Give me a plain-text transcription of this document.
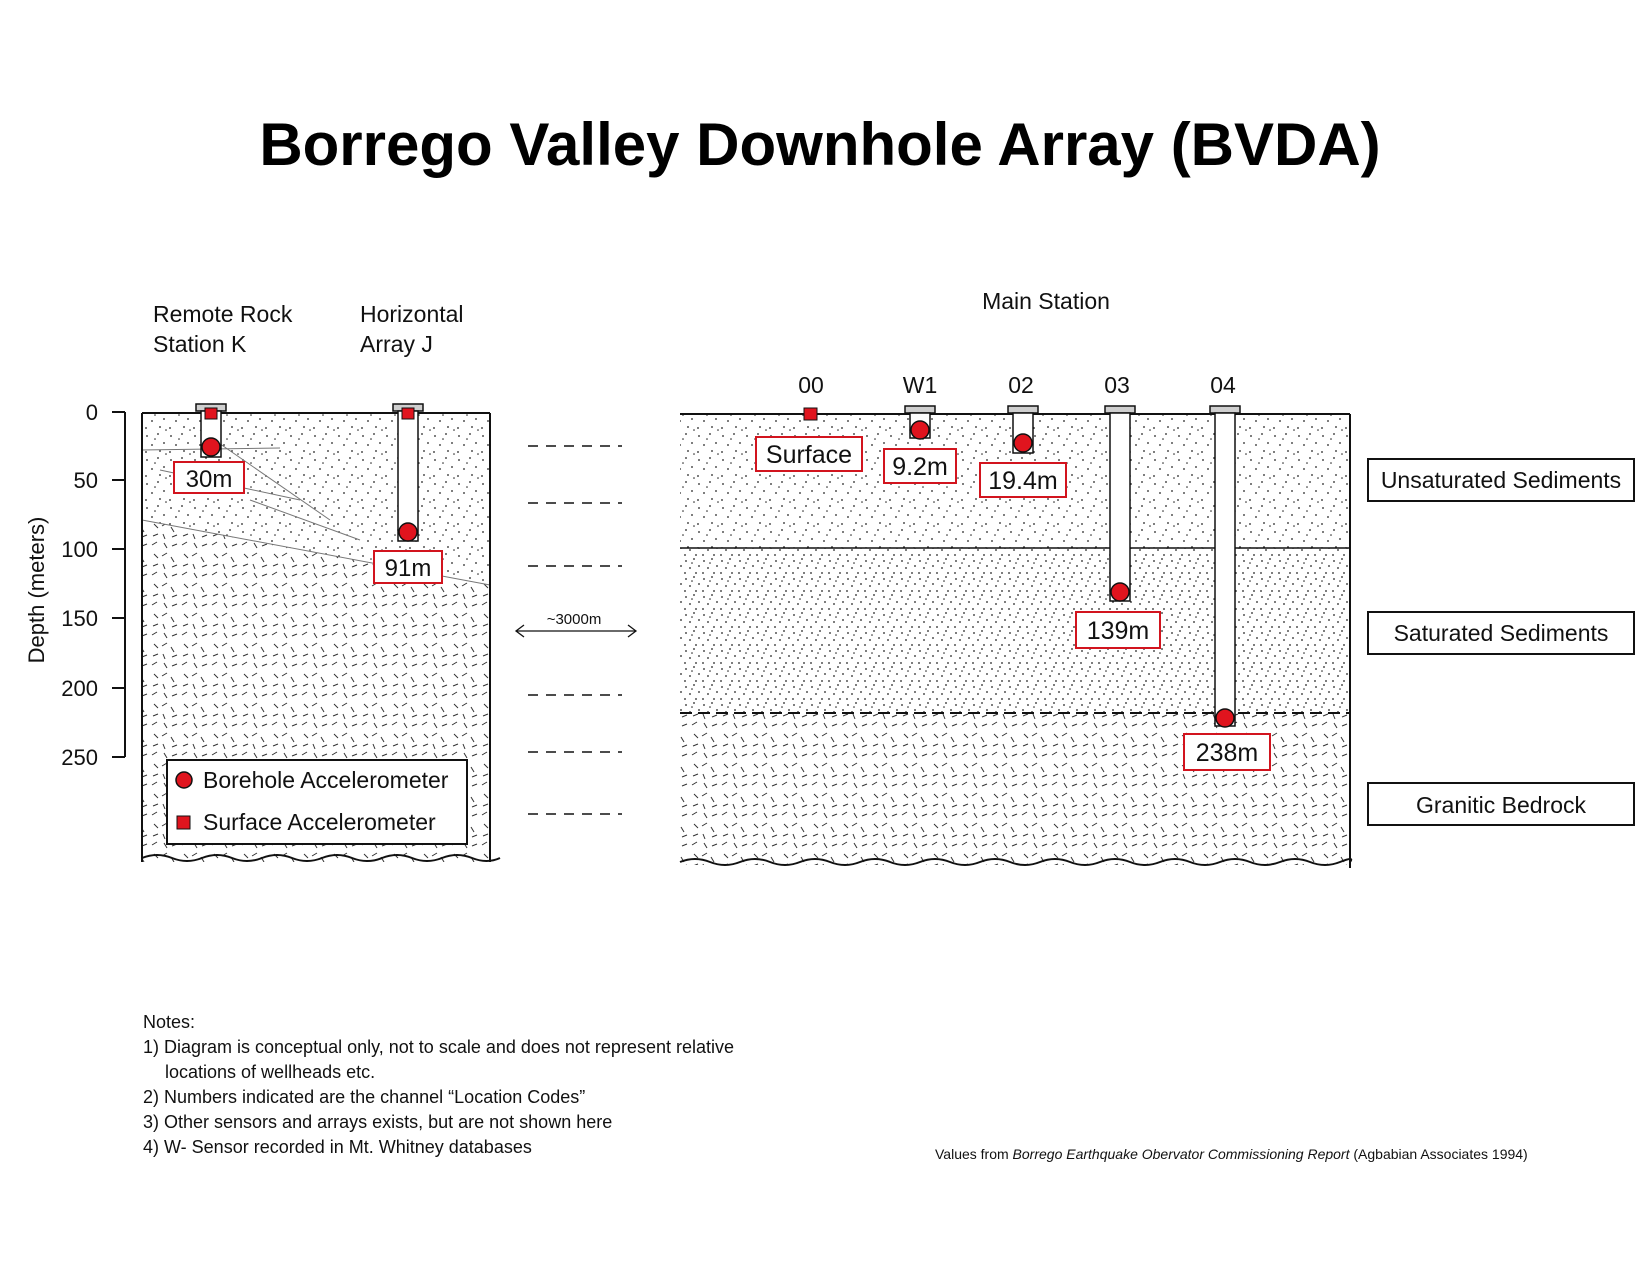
Borrego Valley Downhole Array (BVDA)
0
50
100
150
200
250
Depth (meters)
Remote Rock
Station K
Horizontal
Array J
30m
91m
Borehole Accelerometer
Surface Accelerometer
~3000m
Main Station
00	W1	02	03	04
Surface 9.2m 19.4m
139m
238m
Unsaturated Sediments
Saturated Sediments
Granitic Bedrock
Notes:
1) Diagram is conceptual only, not to scale and does not represent relative
locations of wellheads etc.
2) Numbers indicated are the channel “Location Codes”
3) Other sensors and arrays exists, but are not shown here
4) W- Sensor recorded in Mt. Whitney databases	Values from Borrego Earthquake Obervator Commissioning Report (Agbabian Associates 1994)
